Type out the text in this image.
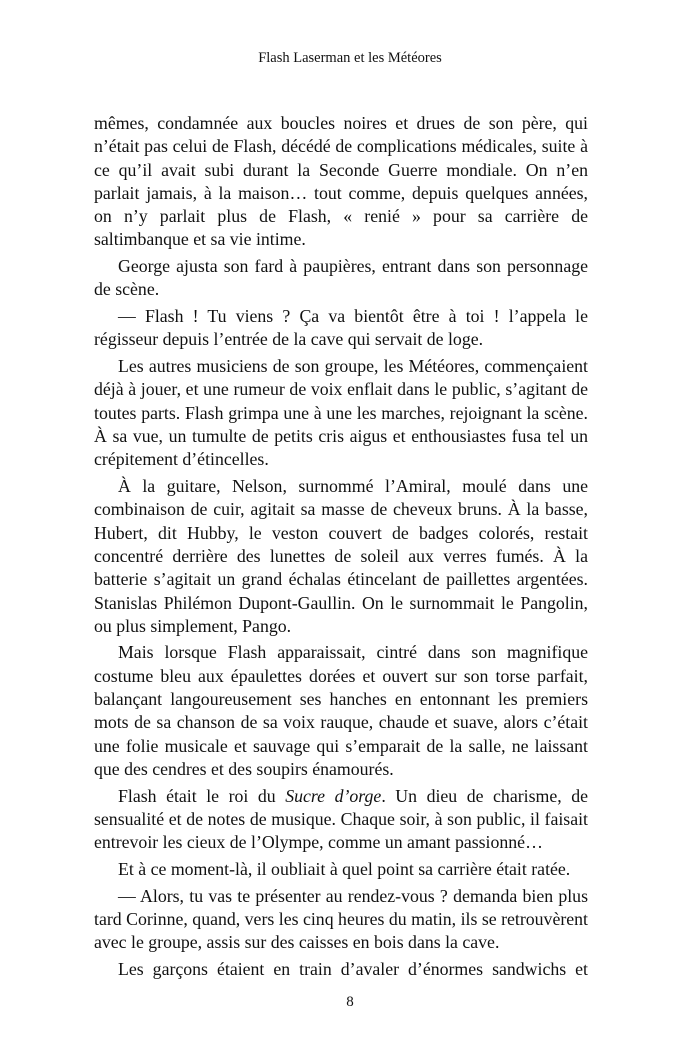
Flash Laserman et les Météores

mêmes, condamnée aux boucles noires et drues de son père, qui n’était pas celui de Flash, décédé de complications médicales, suite à ce qu’il avait subi durant la Seconde Guerre mondiale. On n’en parlait jamais, à la maison… tout comme, depuis quelques années, on n’y parlait plus de Flash, « renié » pour sa carrière de saltimbanque et sa vie intime.

George ajusta son fard à paupières, entrant dans son personnage de scène.

— Flash ! Tu viens ? Ça va bientôt être à toi ! l’appela le régisseur depuis l’entrée de la cave qui servait de loge.

Les autres musiciens de son groupe, les Météores, commençaient déjà à jouer, et une rumeur de voix enflait dans le public, s’agitant de toutes parts. Flash grimpa une à une les marches, rejoignant la scène. À sa vue, un tumulte de petits cris aigus et enthousiastes fusa tel un crépitement d’étincelles.

À la guitare, Nelson, surnommé l’Amiral, moulé dans une combinaison de cuir, agitait sa masse de cheveux bruns. À la basse, Hubert, dit Hubby, le veston couvert de badges colorés, restait concentré derrière des lunettes de soleil aux verres fumés. À la batterie s’agitait un grand échalas étincelant de paillettes argentées. Stanislas Philémon Dupont-Gaullin. On le surnommait le Pangolin, ou plus simplement, Pango.

Mais lorsque Flash apparaissait, cintré dans son magnifique costume bleu aux épaulettes dorées et ouvert sur son torse parfait, balançant langoureusement ses hanches en entonnant les premiers mots de sa chanson de sa voix rauque, chaude et suave, alors c’était une folie musicale et sauvage qui s’emparait de la salle, ne laissant que des cendres et des soupirs énamourés.

Flash était le roi du Sucre d’orge. Un dieu de charisme, de sensualité et de notes de musique. Chaque soir, à son public, il faisait entrevoir les cieux de l’Olympe, comme un amant passionné…

Et à ce moment-là, il oubliait à quel point sa carrière était ratée.

— Alors, tu vas te présenter au rendez-vous ? demanda bien plus tard Corinne, quand, vers les cinq heures du matin, ils se retrouvèrent avec le groupe, assis sur des caisses en bois dans la cave.

Les garçons étaient en train d’avaler d’énormes sandwichs et

8
